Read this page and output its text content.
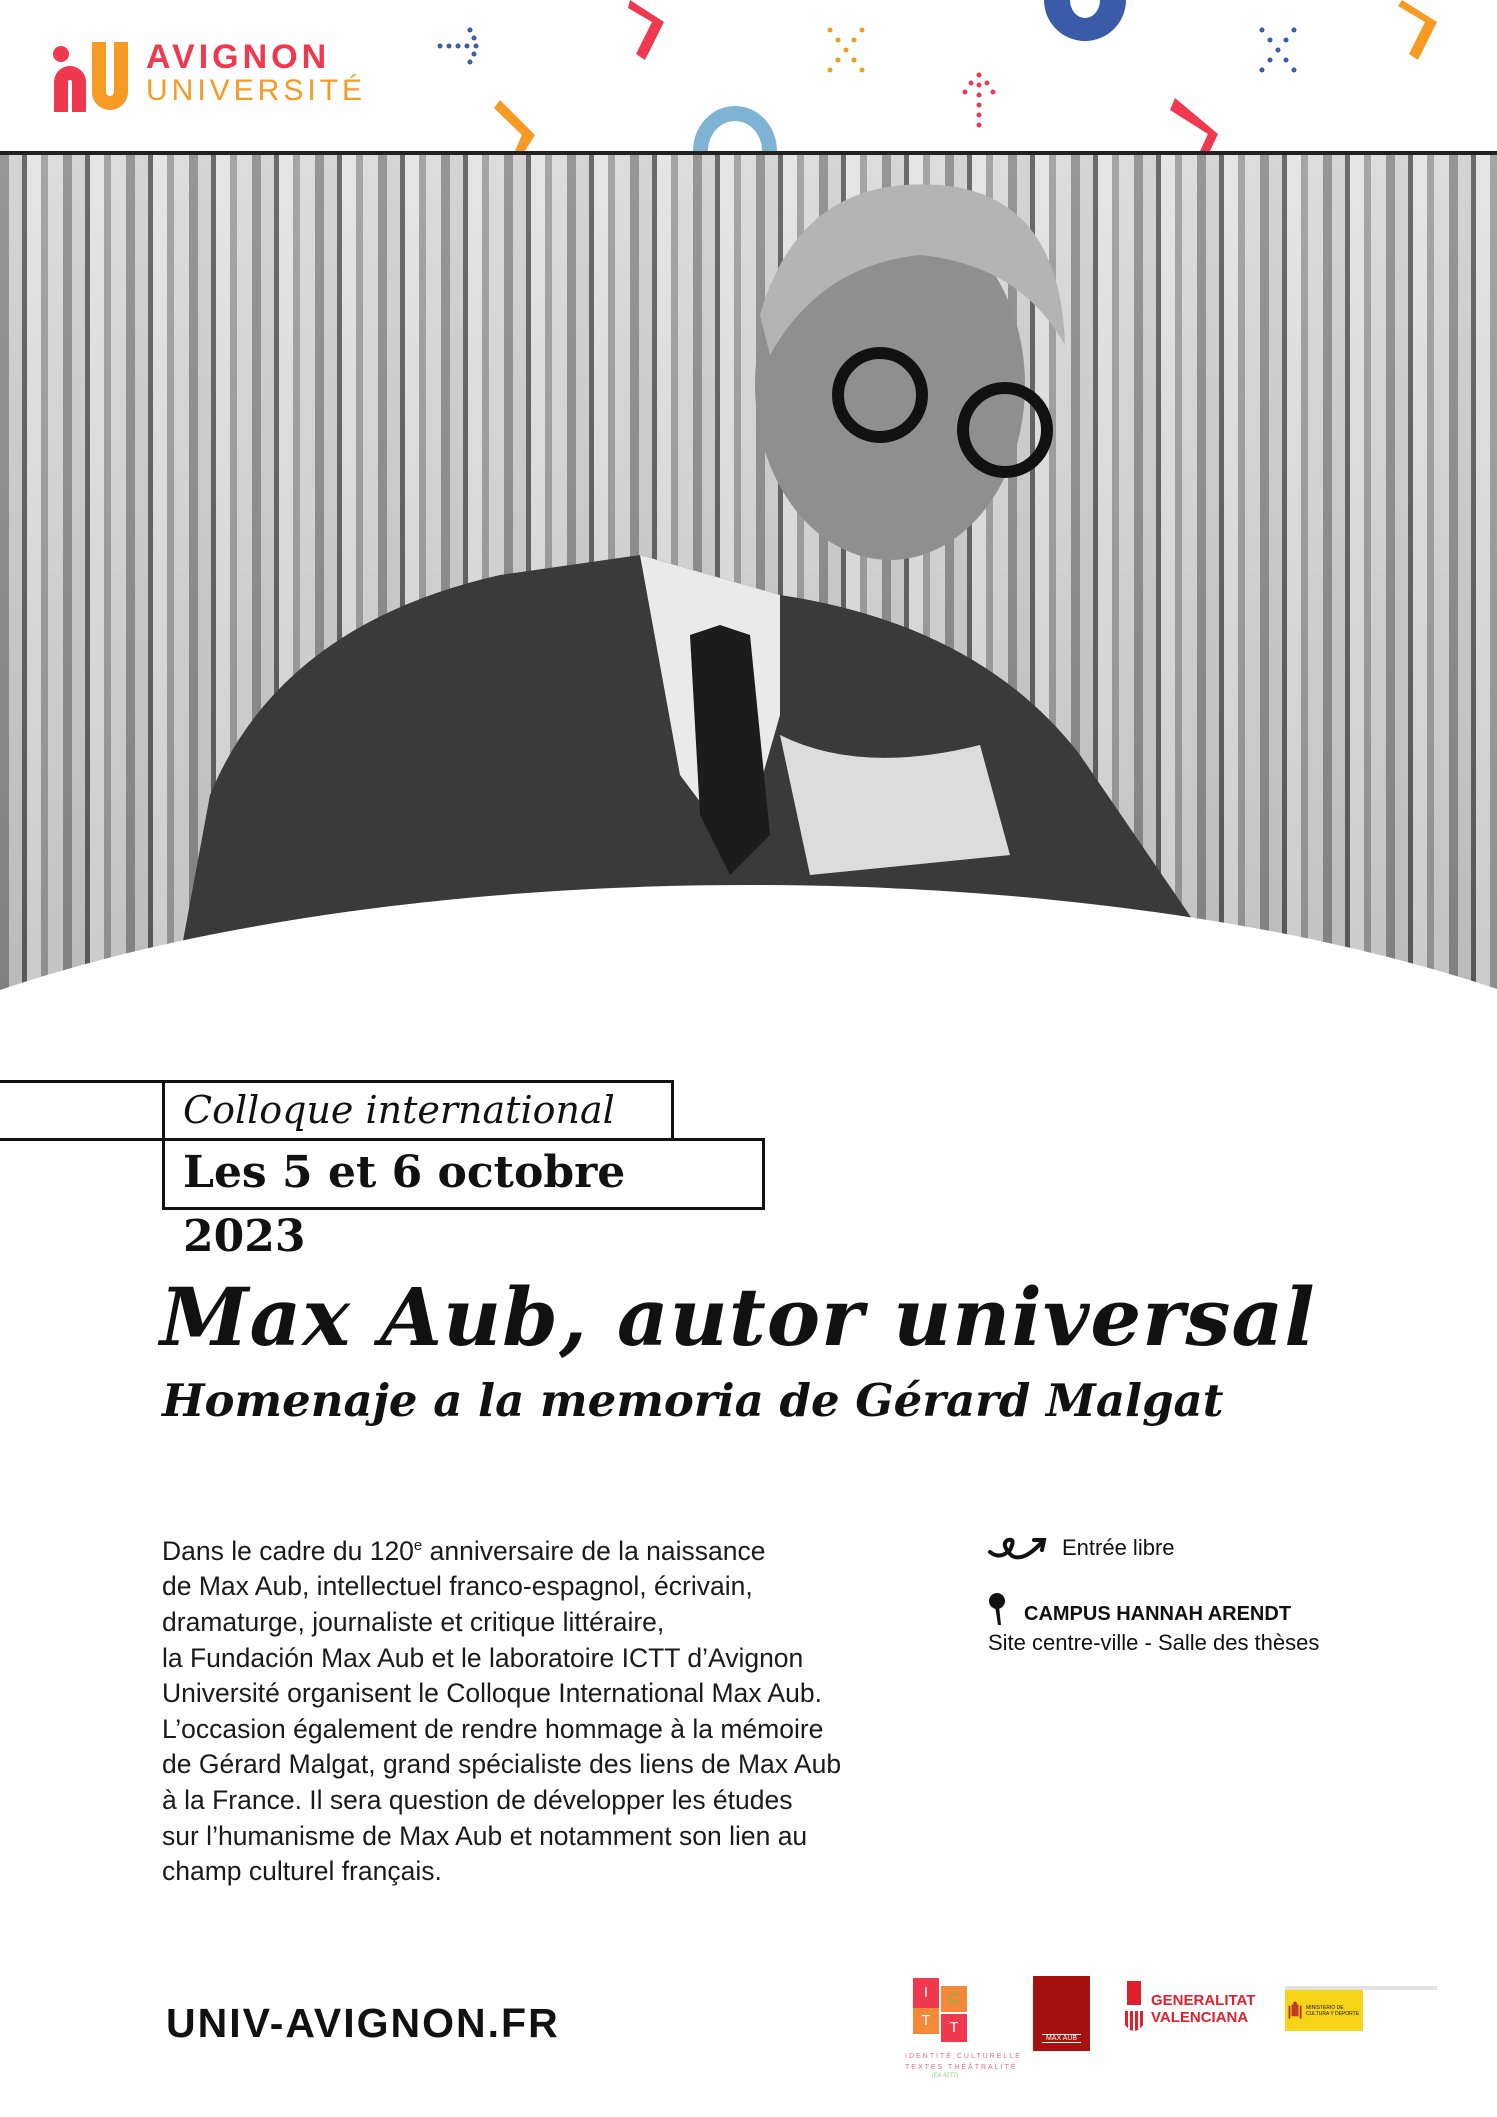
AVIGNON
UNIVERSITÉ
Colloque international
Les 5 et 6 octobre 2023
Max Aub, autor universal
Homenaje a la memoria de Gérard Malgat
Dans le cadre du 120e anniversaire de la naissance
de Max Aub, intellectuel franco-espagnol, écrivain,
dramaturge, journaliste et critique littéraire,
la Fundación Max Aub et le laboratoire ICTT d’Avignon
Université organisent le Colloque International Max Aub.
L’occasion également de rendre hommage à la mémoire
de Gérard Malgat, grand spécialiste des liens de Max Aub
à la France. Il sera question de développer les études
sur l’humanisme de Max Aub et notamment son lien au
champ culturel français.
Entrée libre
CAMPUS HANNAH ARENDT
Site centre-ville - Salle des thèses
UNIV-AVIGNON.FR
I
T
C
T
IDENTITÉ CULTURELLE
TEXTES THÉÂTRALITÉ
(EA 4277)
MAX AUB
GENERALITAT
VALENCIANA
MINISTERIO DE CULTURA Y DEPORTE
